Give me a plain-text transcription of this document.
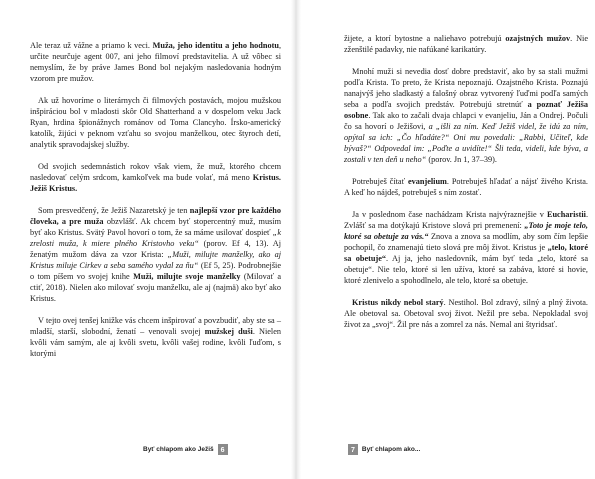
Ale teraz už vážne a priamo k veci. Muža, jeho identitu a jeho hodnotu, určite neurčuje agent 007, ani jeho filmoví predstavitelia. A už vôbec si nemyslím, že by práve James Bond bol nejakým nasledovania hodným vzorom pre mužov.

Ak už hovoríme o literárnych či filmových postavách, mojou mužskou inšpiráciou bol v mladosti skôr Old Shatterhand a v dospelom veku Jack Ryan, hrdina špionážnych románov od Toma Clancyho. Írsko-americký katolík, žijúci v peknom vzťahu so svojou manželkou, otec štyroch detí, analytik spravodajskej služby.

Od svojich sedemnástich rokov však viem, že muž, ktorého chcem nasledovať celým srdcom, kamkoľvek ma bude volať, má meno Kristus. Ježiš Kristus.

Som presvedčený, že Ježiš Nazaretský je ten najlepší vzor pre každého človeka, a pre muža obzvlášť. Ak chcem byť stopercentný muž, musím byť ako Kristus. Svätý Pavol hovorí o tom, že sa máme usilovať dospieť „k zrelosti muža, k miere plného Kristovho veku“ (porov. Ef 4, 13). Aj ženatým mužom dáva za vzor Krista: „Muži, milujte manželky, ako aj Kristus miluje Cirkev a seba samého vydal za ňu“ (Ef 5, 25). Podrobnejšie o tom píšem vo svojej knihe Muži, milujte svoje manželky (Milovať a ctiť, 2018). Nielen ako milovať svoju manželku, ale aj (najmä) ako byť ako Kristus.

V tejto ovej tenšej knižke vás chcem inšpirovať a povzbudiť, aby ste sa – mladší, starší, slobodní, ženatí – venovali svojej mužskej duši. Nielen kvôli vám samým, ale aj kvôli svetu, kvôli vašej rodine, kvôli ľuďom, s ktorými

Byť chlapom ako Ježiš	6

žijete, a ktorí bytostne a naliehavo potrebujú ozajstných mužov. Nie zženštilé padavky, nie nafúkané karikatúry.

Mnohí muži si nevedia dosť dobre predstaviť, ako by sa stali mužmi podľa Krista. To preto, že Krista nepoznajú. Ozajstného Krista. Poznajú nanajvýš jeho sladkastý a falošný obraz vytvorený ľuďmi podľa samých seba a podľa svojich predstáv. Potrebujú stretnúť a poznať Ježiša osobne. Tak ako to začali dvaja chlapci v evanjeliu, Ján a Ondrej. Počuli čo sa hovorí o Ježišovi, a „išli za ním. Keď Ježiš videl, že idú za ním, opýtal sa ich: „Čo hľadáte?“ Oni mu povedali: „Rabbi, Učiteľ, kde bývaš?“ Odpovedal im: „Poďte a uvidíte!“ Šli teda, videli, kde býva, a zostali v ten deň u neho“ (porov. Jn 1, 37–39).

Potrebuješ čítať evanjelium. Potrebuješ hľadať a nájsť živého Krista. A keď ho nájdeš, potrebuješ s ním zostať.

Ja v poslednom čase nachádzam Krista najvýraznejšie v Eucharistii. Zvlášť sa ma dotýkajú Kristove slová pri premenení: „Toto je moje telo, ktoré sa obetuje za vás.“ Znova a znova sa modlím, aby som čím lepšie pochopil, čo znamenajú tieto slová pre môj život. Kristus je „telo, ktoré sa obetuje“. Aj ja, jeho nasledovník, mám byť teda „telo, ktoré sa obetuje“. Nie telo, ktoré si len užíva, ktoré sa zabáva, ktoré si hovie, ktoré zlenivelo a spohodlnelo, ale telo, ktoré sa obetuje.

Kristus nikdy nebol starý. Nestihol. Bol zdravý, silný a plný života. Ale obetoval sa. Obetoval svoj život. Nežil pre seba. Nepokladal svoj život za „svoj“. Žil pre nás a zomrel za nás. Nemal ani štyridsať.

7	Byť chlapom ako...
